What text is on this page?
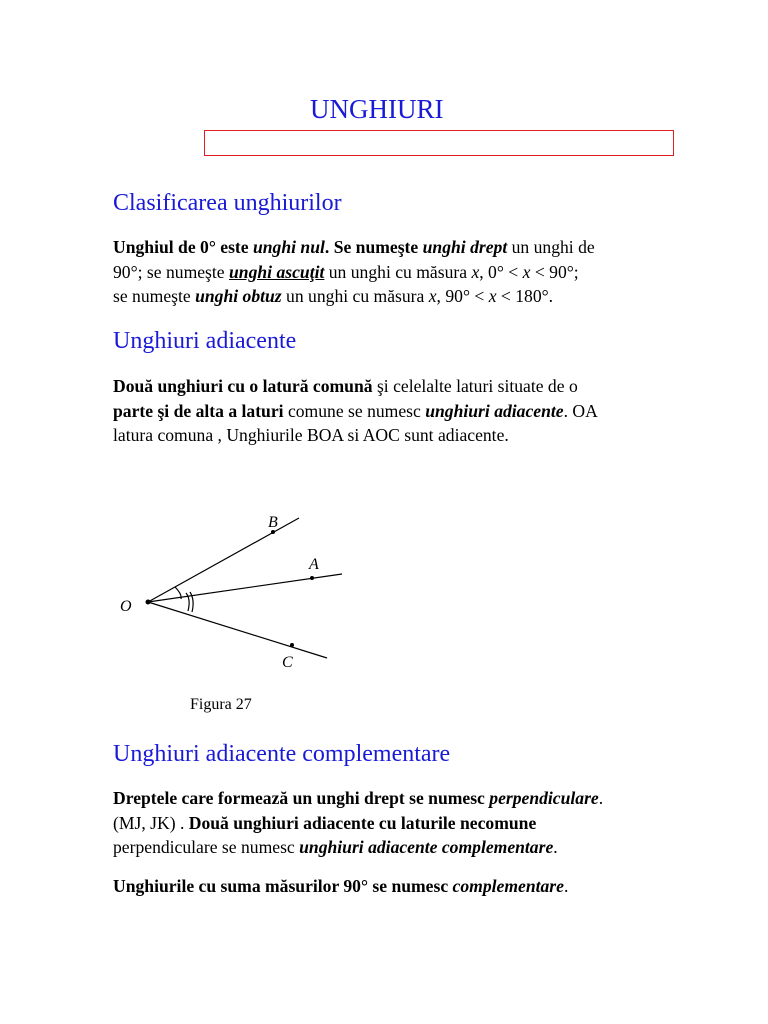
UNGHIURI
Clasificarea unghiurilor

Unghiul de 0° este unghi nul. Se numeşte unghi drept un unghi de

90°; se numeşte unghi ascuţit un unghi cu măsura x, 0° < x < 90°;

se numeşte unghi obtuz un unghi cu măsura x, 90° < x < 180°.

Unghiuri adiacente

Două unghiuri cu o latură comună şi celelalte laturi situate de o

parte şi de alta a laturi comune se numesc unghiuri adiacente. OA

latura comuna , Unghiurile BOA si AOC sunt adiacente.

O
B
A
C
Figura 27
Unghiuri adiacente complementare

Dreptele care formează un unghi drept se numesc perpendiculare.

(MJ, JK) . Două unghiuri adiacente cu laturile necomune

perpendiculare se numesc unghiuri adiacente complementare.

Unghiurile cu suma măsurilor 90° se numesc complementare.
